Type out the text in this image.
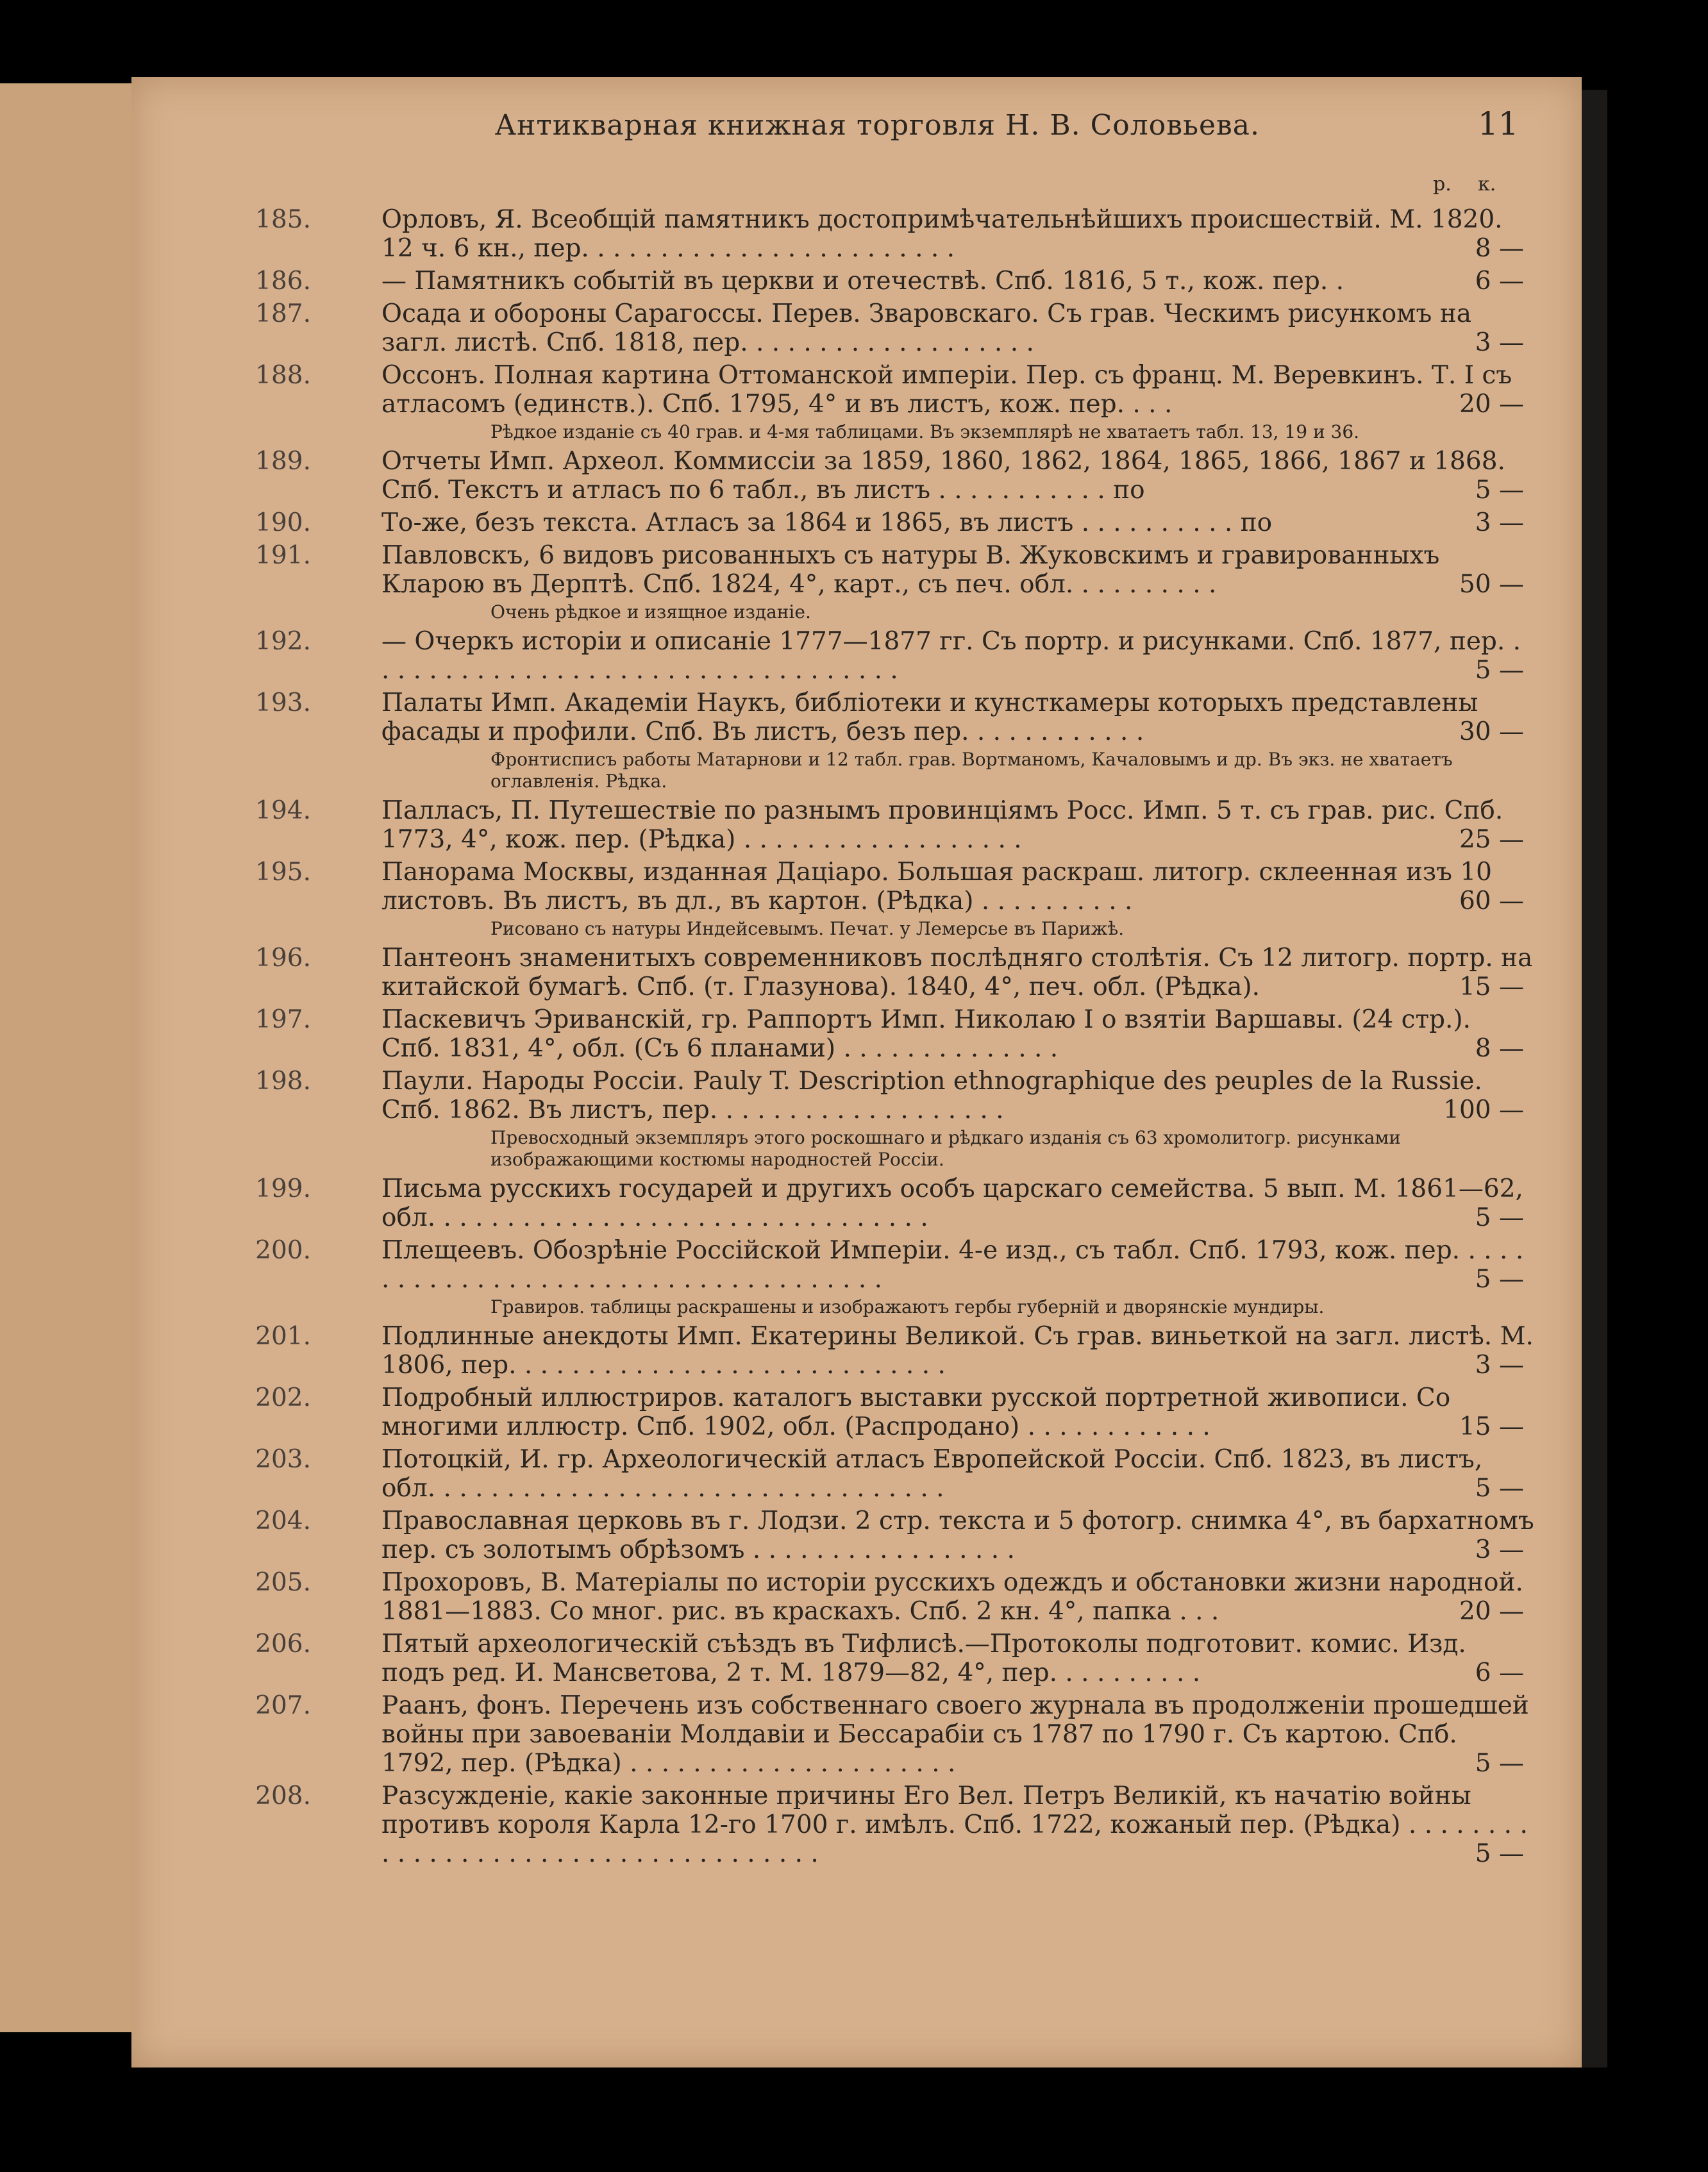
Антикварная книжная торговля Н. В. Соловьева.	11
р. к.
185.	Орловъ, Я. Всеобщій памятникъ достопримѣчательнѣйшихъ происшествій. М. 1820. 12 ч. 6 кн., пер. . . . . . . . . . . . . . . . . . . . . . . .	8 —
186.	— Памятникъ событій въ церкви и отечествѣ. Спб. 1816, 5 т., кож. пер. .	6 —
187.	Осада и обороны Сарагоссы. Перев. Зваровскаго. Съ грав. Ческимъ рисункомъ на загл. листѣ. Спб. 1818, пер. . . . . . . . . . . . . . . . . . .	3 —
188.	Оссонъ. Полная картина Оттоманской имперіи. Пер. съ франц. М. Веревкинъ. Т. I съ атласомъ (единств.). Спб. 1795, 4° и въ листъ, кож. пер. . . .	20 —
Рѣдкое изданіе съ 40 грав. и 4-мя таблицами. Въ экземплярѣ не хватаетъ табл. 13, 19 и 36.
189.	Отчеты Имп. Археол. Коммиссіи за 1859, 1860, 1862, 1864, 1865, 1866, 1867 и 1868. Спб. Текстъ и атласъ по 6 табл., въ листъ . . . . . . . . . . . по	5 —
190.	То-же, безъ текста. Атласъ за 1864 и 1865, въ листъ . . . . . . . . . . по	3 —
191.	Павловскъ, 6 видовъ рисованныхъ съ натуры В. Жуковскимъ и гравированныхъ Кларою въ Дерптѣ. Спб. 1824, 4°, карт., съ печ. обл. . . . . . . . . .	50 —
Очень рѣдкое и изящное изданіе.
192.	— Очеркъ исторіи и описаніе 1777—1877 гг. Съ портр. и рисунками. Спб. 1877, пер. . . . . . . . . . . . . . . . . . . . . . . . . . . . . . . . . . .	5 —
193.	Палаты Имп. Академіи Наукъ, библіотеки и кунсткамеры которыхъ представлены фасады и профили. Спб. Въ листъ, безъ пер. . . . . . . . . . . .	30 —
Фронтисписъ работы Матарнови и 12 табл. грав. Вортманомъ, Качаловымъ и др. Въ экз. не хватаетъ оглавленія. Рѣдка.
194.	Палласъ, П. Путешествіе по разнымъ провинціямъ Росс. Имп. 5 т. съ грав. рис. Спб. 1773, 4°, кож. пер. (Рѣдка) . . . . . . . . . . . . . . . . . .	25 —
195.	Панорама Москвы, изданная Даціаро. Большая раскраш. литогр. склеенная изъ 10 листовъ. Въ листъ, въ дл., въ картон. (Рѣдка) . . . . . . . . . .	60 —
Рисовано съ натуры Индейсевымъ. Печат. у Лемерсье въ Парижѣ.
196.	Пантеонъ знаменитыхъ современниковъ послѣдняго столѣтія. Съ 12 литогр. портр. на китайской бумагѣ. Спб. (т. Глазунова). 1840, 4°, печ. обл. (Рѣдка).	15 —
197.	Паскевичъ Эриванскій, гр. Раппортъ Имп. Николаю I о взятіи Варшавы. (24 стр.). Спб. 1831, 4°, обл. (Съ 6 планами) . . . . . . . . . . . . . .	8 —
198.	Паули. Народы Россіи. Pauly T. Description ethnographique des peuples de la Russie. Спб. 1862. Въ листъ, пер. . . . . . . . . . . . . . . . . . .	100 —
Превосходный экземпляръ этого роскошнаго и рѣдкаго изданія съ 63 хромолитогр. рисунками изображающими костюмы народностей Россіи.
199.	Письма русскихъ государей и другихъ особъ царскаго семейства. 5 вып. М. 1861—62, обл. . . . . . . . . . . . . . . . . . . . . . . . . . . . . . . .	5 —
200.	Плещеевъ. Обозрѣніе Россійской Имперіи. 4-е изд., съ табл. Спб. 1793, кож. пер. . . . . . . . . . . . . . . . . . . . . . . . . . . . . . . . . . . . .	5 —
Гравиров. таблицы раскрашены и изображаютъ гербы губерній и дворянскіе мундиры.
201.	Подлинные анекдоты Имп. Екатерины Великой. Съ грав. виньеткой на загл. листѣ. М. 1806, пер. . . . . . . . . . . . . . . . . . . . . . . . . . . .	3 —
202.	Подробный иллюстриров. каталогъ выставки русской портретной живописи. Со многими иллюстр. Спб. 1902, обл. (Распродано) . . . . . . . . . . . .	15 —
203.	Потоцкій, И. гр. Археологическій атласъ Европейской Россіи. Спб. 1823, въ листъ, обл. . . . . . . . . . . . . . . . . . . . . . . . . . . . . . . . .	5 —
204.	Православная церковь въ г. Лодзи. 2 стр. текста и 5 фотогр. снимка 4°, въ бархатномъ пер. съ золотымъ обрѣзомъ . . . . . . . . . . . . . . . . .	3 —
205.	Прохоровъ, В. Матеріалы по исторіи русскихъ одеждъ и обстановки жизни народной. 1881—1883. Со мног. рис. въ краскахъ. Спб. 2 кн. 4°, папка . . .	20 —
206.	Пятый археологическій съѣздъ въ Тифлисѣ.—Протоколы подготовит. комис. Изд. подъ ред. И. Мансветова, 2 т. М. 1879—82, 4°, пер. . . . . . . . . .	6 —
207.	Раанъ, фонъ. Перечень изъ собственнаго своего журнала въ продолженіи прошедшей войны при завоеваніи Молдавіи и Бессарабіи съ 1787 по 1790 г. Съ картою. Спб. 1792, пер. (Рѣдка) . . . . . . . . . . . . . . . . . . . . .	5 —
208.	Разсужденіе, какіе законные причины Его Вел. Петръ Великій, къ начатію войны противъ короля Карла 12-го 1700 г. имѣлъ. Спб. 1722, кожаный пер. (Рѣдка) . . . . . . . . . . . . . . . . . . . . . . . . . . . . . . . . . . . .	5 —
